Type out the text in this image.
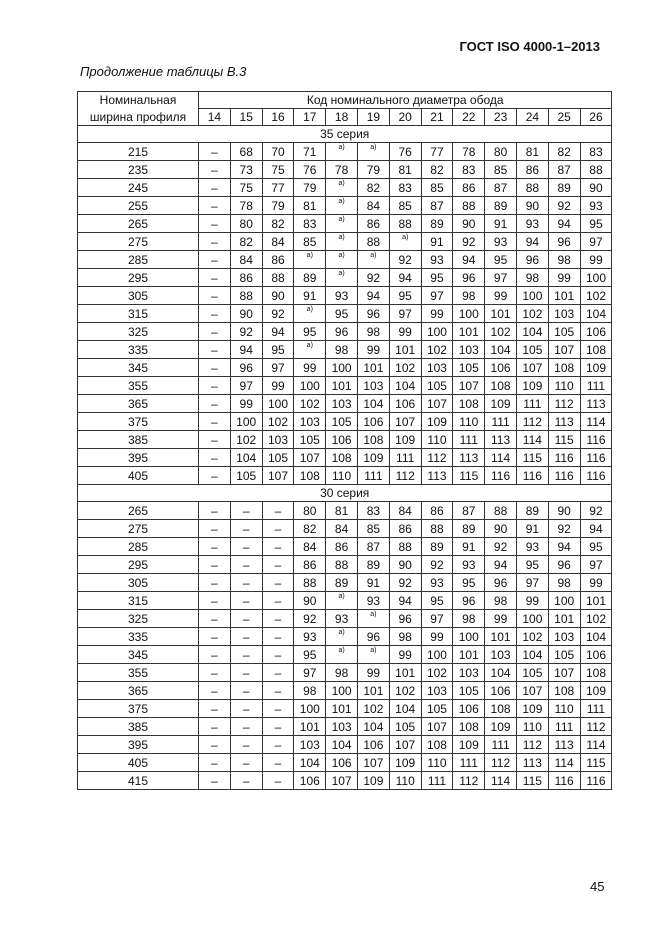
ГОСТ ISO 4000-1–2013
Продолжение таблицы В.3
Номинальная	Код номинального диаметра обода												
ширина профиля	14	15	16	17	18	19	20	21	22	23	24	25	26
35 серия													
215	–	68	70	71	а)	а)	76	77	78	80	81	82	83
235	–	73	75	76	78	79	81	82	83	85	86	87	88
245	–	75	77	79	а)	82	83	85	86	87	88	89	90
255	–	78	79	81	а)	84	85	87	88	89	90	92	93
265	–	80	82	83	а)	86	88	89	90	91	93	94	95
275	–	82	84	85	а)	88	а)	91	92	93	94	96	97
285	–	84	86	а)	а)	а)	92	93	94	95	96	98	99
295	–	86	88	89	а)	92	94	95	96	97	98	99	100
305	–	88	90	91	93	94	95	97	98	99	100	101	102
315	–	90	92	а)	95	96	97	99	100	101	102	103	104
325	–	92	94	95	96	98	99	100	101	102	104	105	106
335	–	94	95	а)	98	99	101	102	103	104	105	107	108
345	–	96	97	99	100	101	102	103	105	106	107	108	109
355	–	97	99	100	101	103	104	105	107	108	109	110	111
365	–	99	100	102	103	104	106	107	108	109	111	112	113
375	–	100	102	103	105	106	107	109	110	111	112	113	114
385	–	102	103	105	106	108	109	110	111	113	114	115	116
395	–	104	105	107	108	109	111	112	113	114	115	116	116
405	–	105	107	108	110	111	112	113	115	116	116	116	116
30 серия													
265	–	–	–	80	81	83	84	86	87	88	89	90	92
275	–	–	–	82	84	85	86	88	89	90	91	92	94
285	–	–	–	84	86	87	88	89	91	92	93	94	95
295	–	–	–	86	88	89	90	92	93	94	95	96	97
305	–	–	–	88	89	91	92	93	95	96	97	98	99
315	–	–	–	90	а)	93	94	95	96	98	99	100	101
325	–	–	–	92	93	а)	96	97	98	99	100	101	102
335	–	–	–	93	а)	96	98	99	100	101	102	103	104
345	–	–	–	95	а)	а)	99	100	101	103	104	105	106
355	–	–	–	97	98	99	101	102	103	104	105	107	108
365	–	–	–	98	100	101	102	103	105	106	107	108	109
375	–	–	–	100	101	102	104	105	106	108	109	110	111
385	–	–	–	101	103	104	105	107	108	109	110	111	112
395	–	–	–	103	104	106	107	108	109	111	112	113	114
405	–	–	–	104	106	107	109	110	111	112	113	114	115
415	–	–	–	106	107	109	110	111	112	114	115	116	116
45
